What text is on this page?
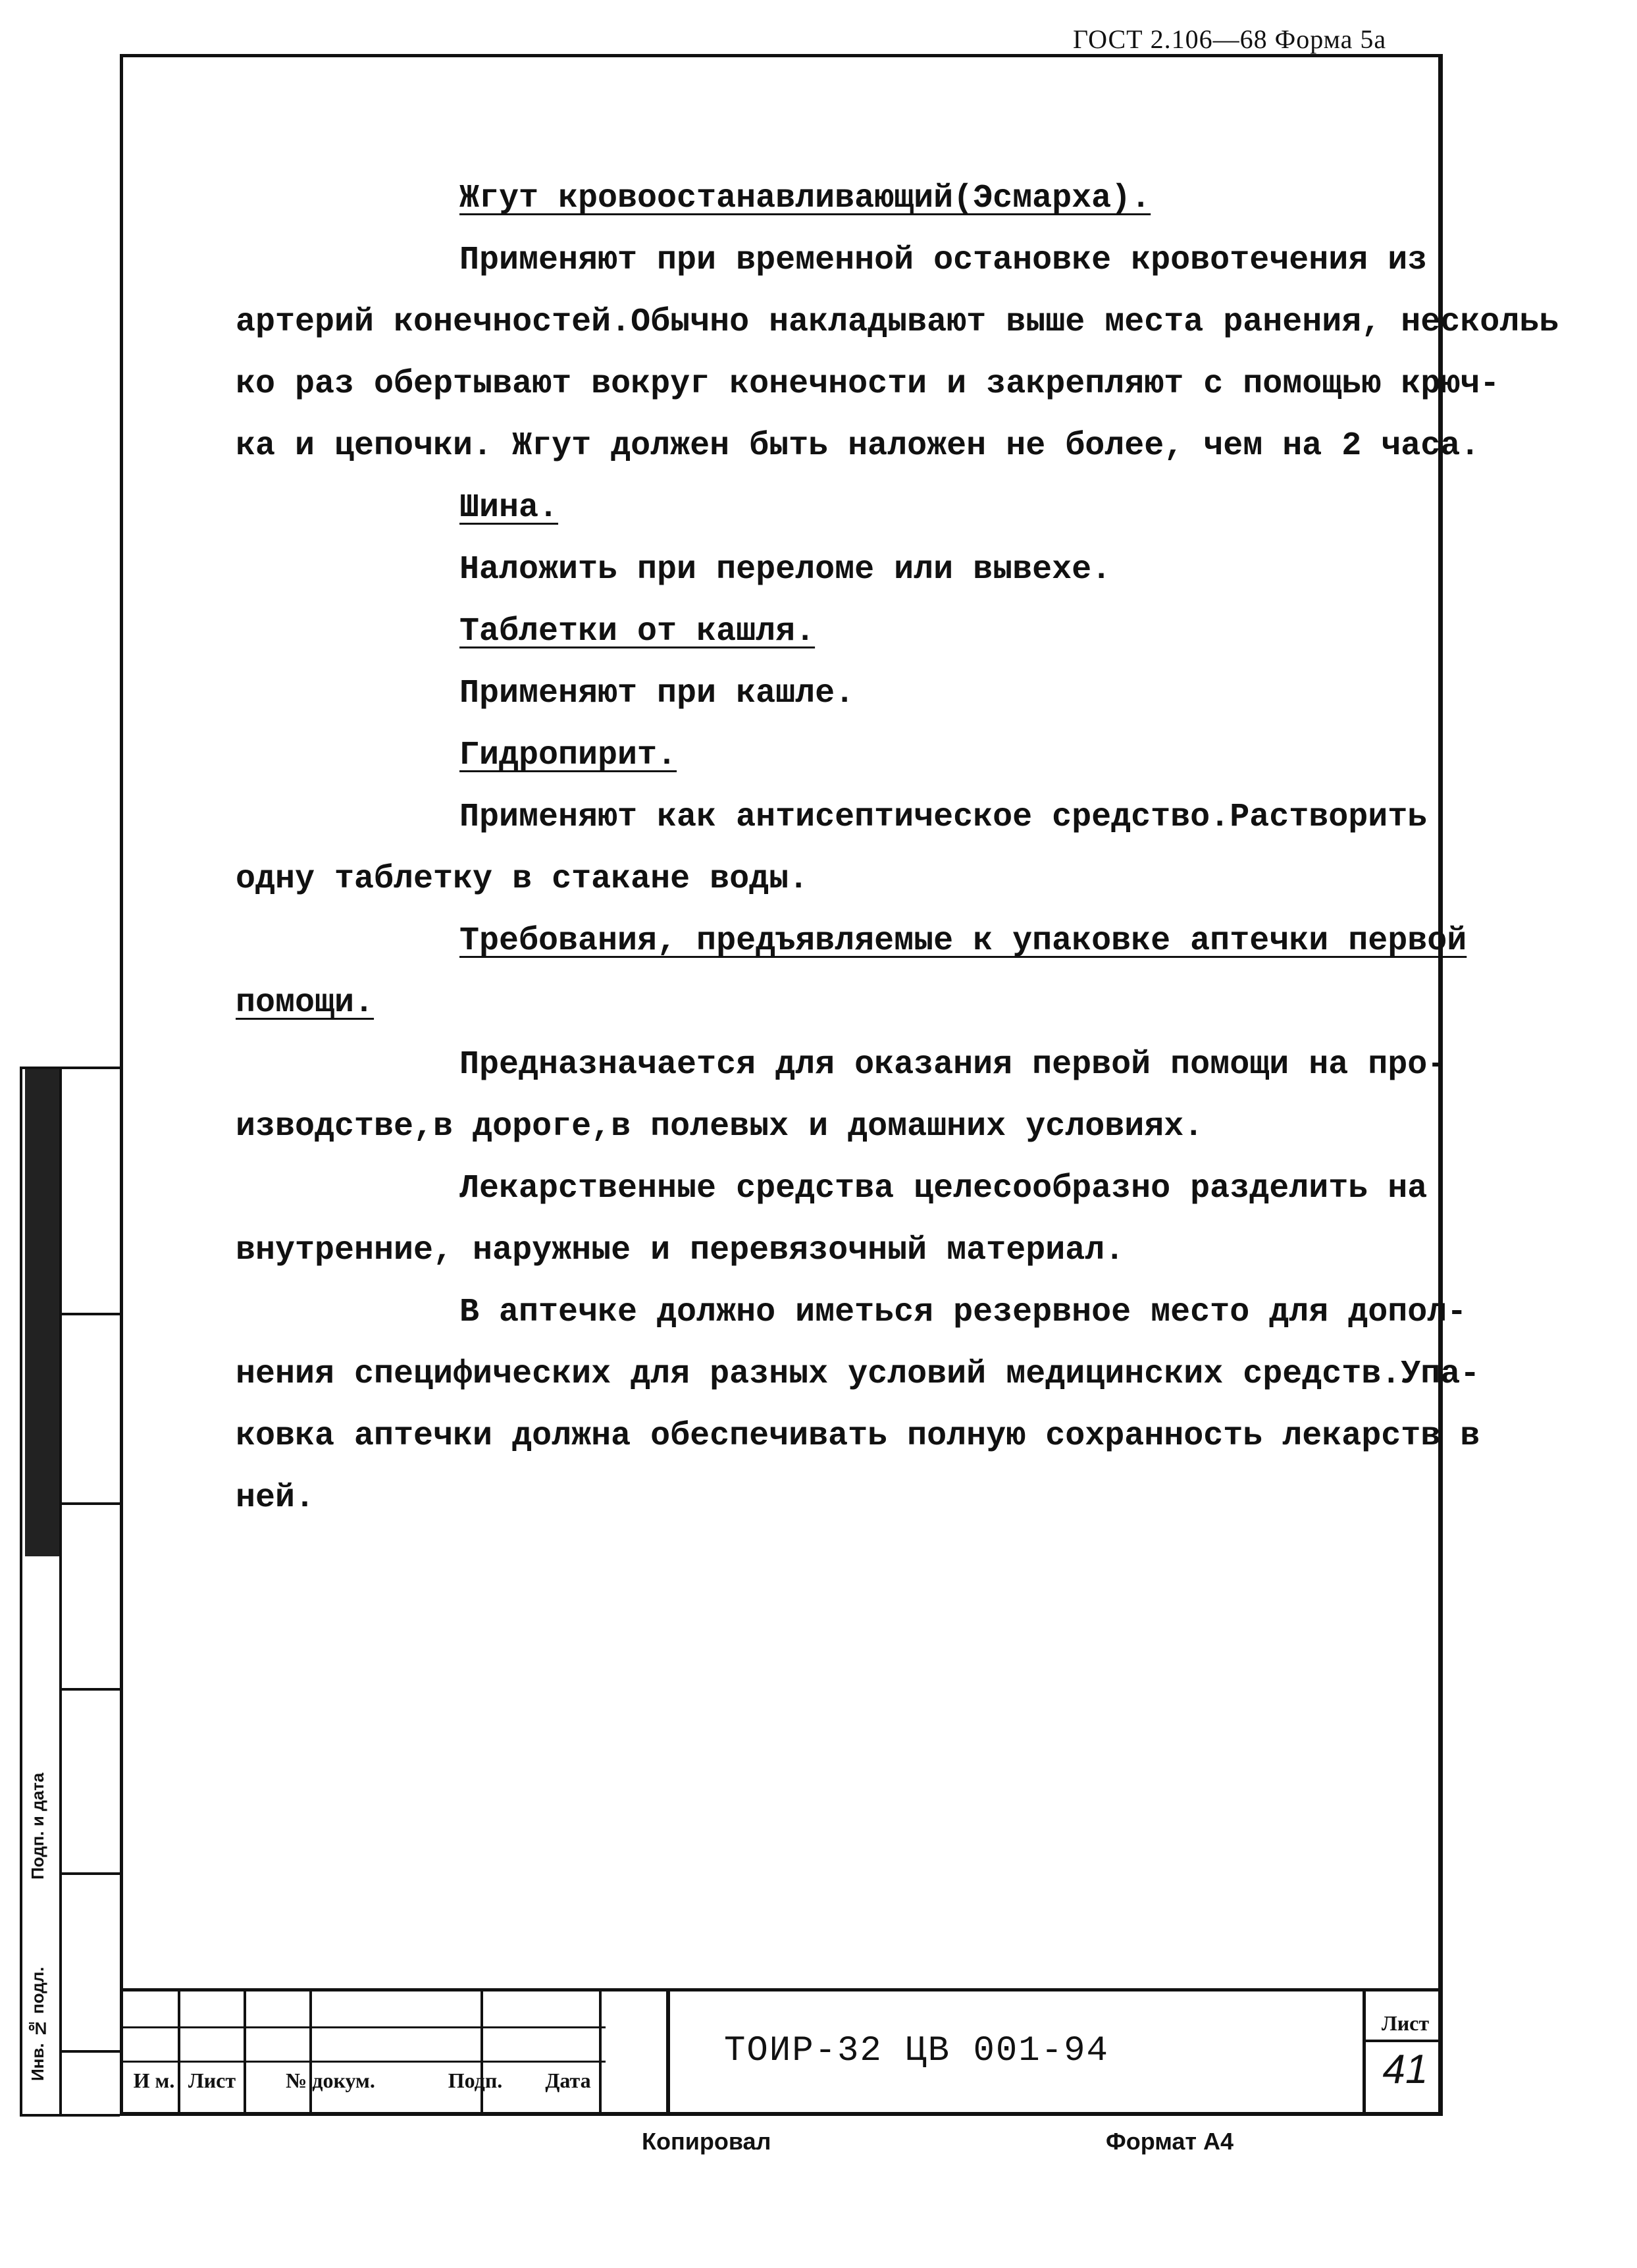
ГОСТ 2.106—68 Форма 5а

Жгут кровоостанавливающий(Эсмарха).

Применяют при временной остановке кровотечения из

артерий конечностей.Обычно накладывают выше места ранения, нескольь

ко раз обертывают вокруг конечности и закрепляют с помощью крюч-

ка и цепочки. Жгут должен быть наложен не более, чем на 2 часа.

Шина.

Наложить при переломе или вывехе.

Таблетки от кашля.

Применяют при кашле.

Гидропирит.

Применяют как антисептическое средство.Растворить

одну таблетку в стакане воды.

Требования, предъявляемые к упаковке аптечки первой

помощи.

Предназначается для оказания первой помощи на про-

изводстве,в дороге,в полевых и домашних условиях.

Лекарственные средства целесообразно разделить на

внутренние, наружные и перевязочный материал.

В аптечке должно иметься резервное место для допол-

нения специфических для разных условий медицинских средств.Упа-

ковка аптечки должна обеспечивать полную сохранность лекарств в

ней.

Взам. инв. №
Подп. и дата
Инв. № подл.	И м. Лист	№ докум.	Подп.	Дата
ТОИР-32 ЦВ 001-94
Лист
41
Копировал	Формат А4
